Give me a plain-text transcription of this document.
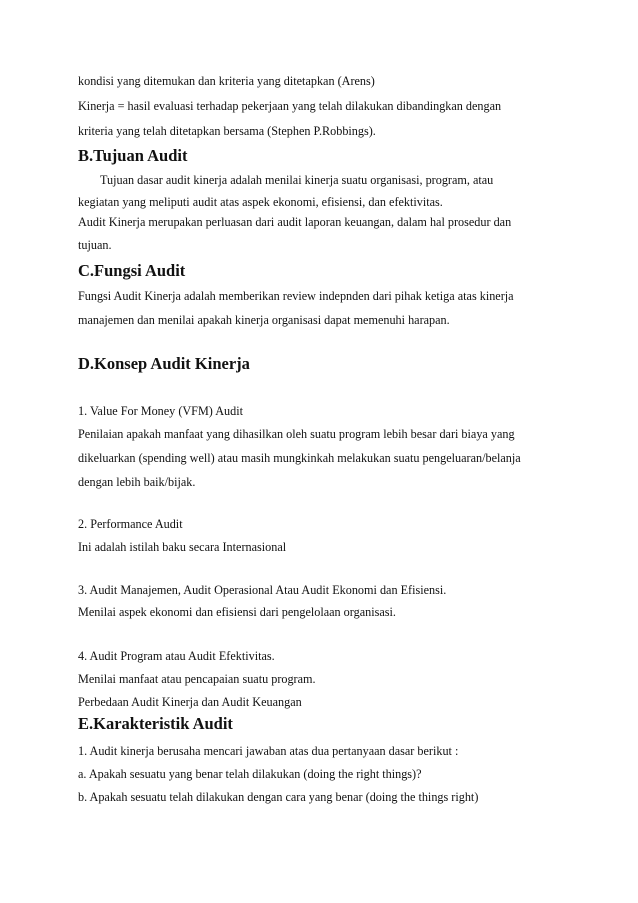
kondisi yang ditemukan dan kriteria yang ditetapkan (Arens)
Kinerja = hasil evaluasi terhadap pekerjaan yang telah dilakukan dibandingkan dengan
kriteria yang telah ditetapkan bersama (Stephen P.Robbings).
B.Tujuan Audit
Tujuan dasar audit kinerja adalah menilai kinerja suatu organisasi, program, atau
kegiatan yang meliputi audit atas aspek ekonomi, efisiensi, dan efektivitas.
Audit Kinerja merupakan perluasan dari audit laporan keuangan, dalam hal prosedur dan
tujuan.
C.Fungsi Audit
Fungsi Audit Kinerja adalah memberikan review indepnden dari pihak ketiga atas kinerja
manajemen dan menilai apakah kinerja organisasi dapat memenuhi harapan.
D.Konsep Audit Kinerja
1. Value For Money (VFM) Audit
Penilaian apakah manfaat yang dihasilkan oleh suatu program lebih besar dari biaya yang
dikeluarkan (spending well) atau masih mungkinkah melakukan suatu pengeluaran/belanja
dengan lebih baik/bijak.
2. Performance Audit
Ini adalah istilah baku secara Internasional
3. Audit Manajemen, Audit Operasional Atau Audit Ekonomi dan Efisiensi.
Menilai aspek ekonomi dan efisiensi dari pengelolaan organisasi.
4. Audit Program atau Audit Efektivitas.
Menilai manfaat atau pencapaian suatu program.
Perbedaan Audit Kinerja dan Audit Keuangan
E.Karakteristik Audit
1. Audit kinerja berusaha mencari jawaban atas dua pertanyaan dasar berikut :
a. Apakah sesuatu yang benar telah dilakukan (doing the right things)?
b. Apakah sesuatu telah dilakukan dengan cara yang benar (doing the things right)
